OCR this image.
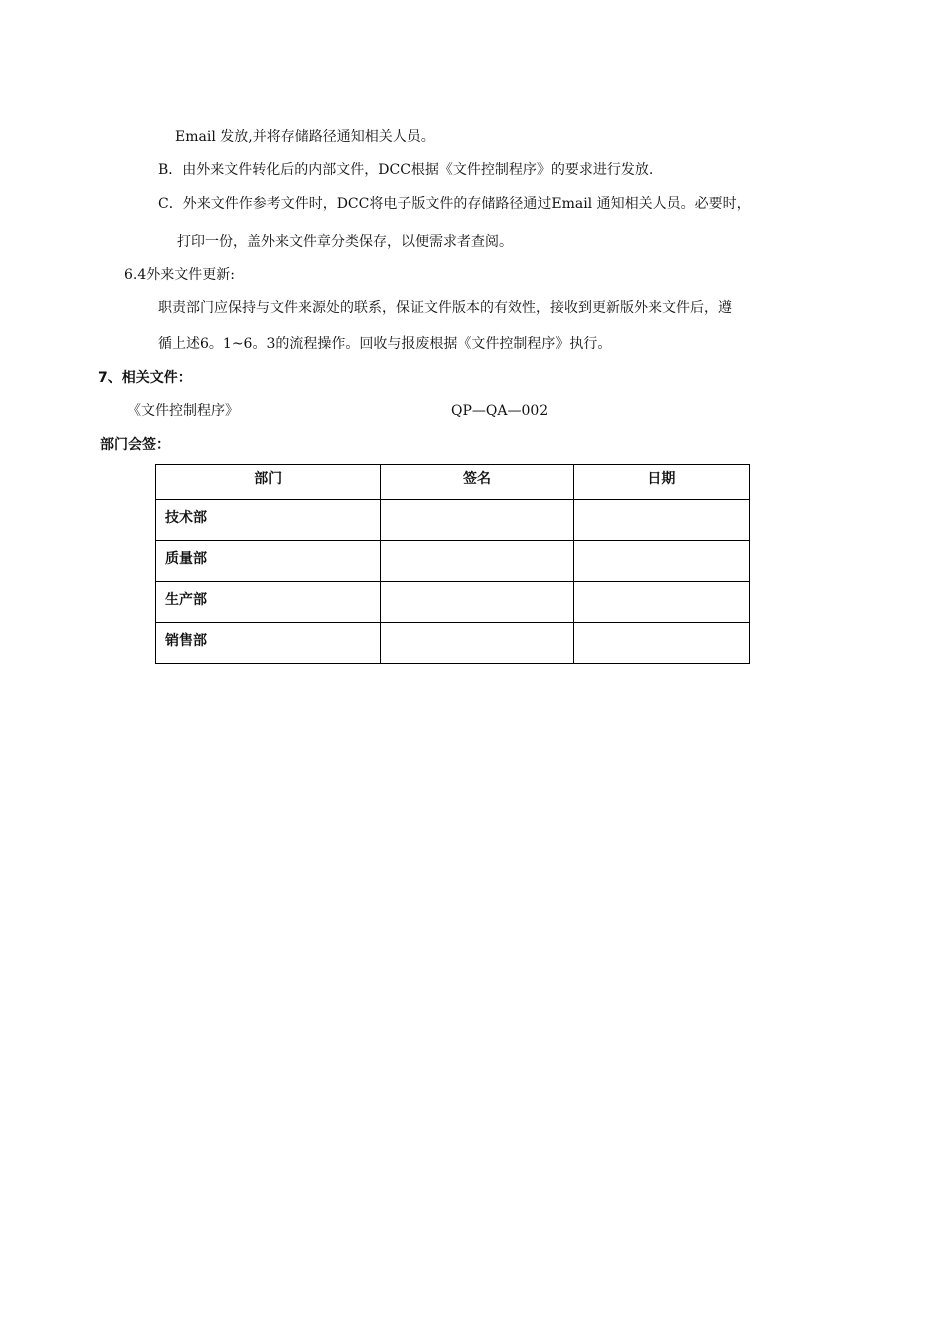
Email 发放,并将存储路径通知相关人员。
B．由外来文件转化后的内部文件，DCC根据《文件控制程序》的要求进行发放.
C．外来文件作参考文件时，DCC将电子版文件的存储路径通过Email 通知相关人员。必要时，
打印一份，盖外来文件章分类保存，以便需求者查阅。
6.4外来文件更新:
职责部门应保持与文件来源处的联系，保证文件版本的有效性，接收到更新版外来文件后，遵
循上述6。1~6。3的流程操作。回收与报废根据《文件控制程序》执行。
7、相关文件：
《文件控制程序》	QP—QA—002
部门会签：
部门	签名	日期
技术部		
质量部		
生产部		
销售部		
